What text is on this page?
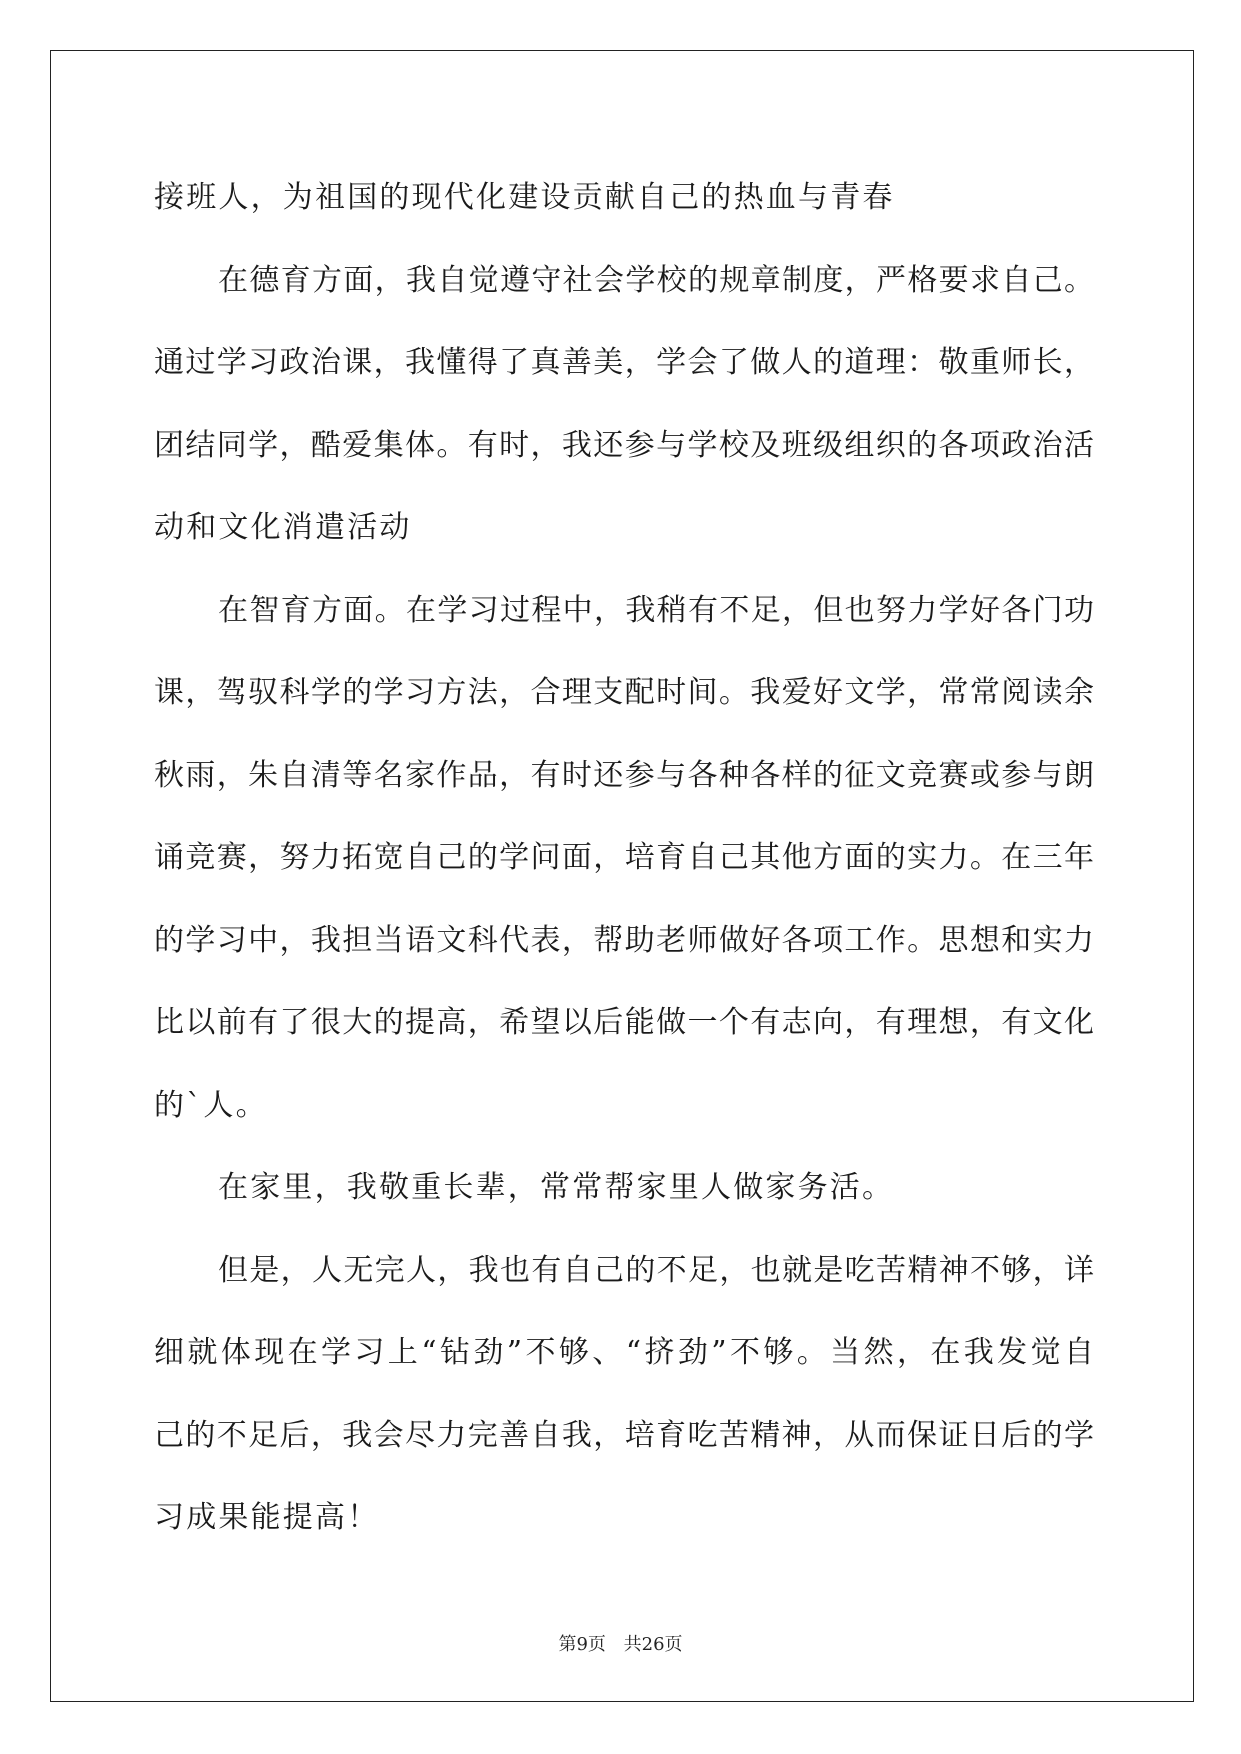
接班人，为祖国的现代化建设贡献自己的热血与青春
在德育方面，我自觉遵守社会学校的规章制度，严格要求自己。
通过学习政治课，我懂得了真善美，学会了做人的道理：敬重师长，
团结同学，酷爱集体。有时，我还参与学校及班级组织的各项政治活
动和文化消遣活动
在智育方面。在学习过程中，我稍有不足，但也努力学好各门功
课，驾驭科学的学习方法，合理支配时间。我爱好文学，常常阅读余
秋雨，朱自清等名家作品，有时还参与各种各样的征文竞赛或参与朗
诵竞赛，努力拓宽自己的学问面，培育自己其他方面的实力。在三年
的学习中，我担当语文科代表，帮助老师做好各项工作。思想和实力
比以前有了很大的提高，希望以后能做一个有志向，有理想，有文化
的`人。
在家里，我敬重长辈，常常帮家里人做家务活。
但是，人无完人，我也有自己的不足，也就是吃苦精神不够，详
细就体现在学习上“钻劲”不够、“挤劲”不够。当然，在我发觉自
己的不足后，我会尽力完善自我，培育吃苦精神，从而保证日后的学
习成果能提高！
第9页 共26页
